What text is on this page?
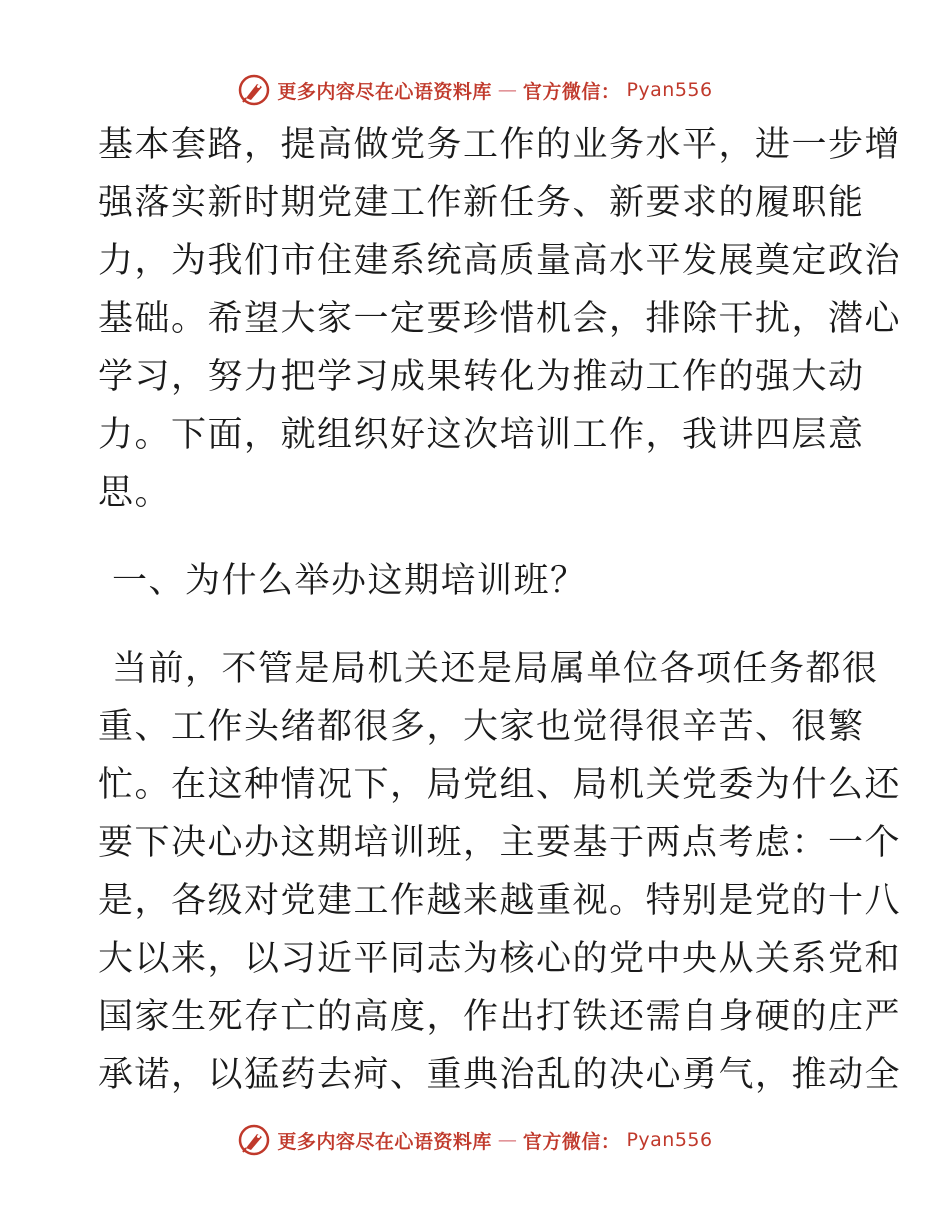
更多内容尽在心语资料库 — 官方微信： Pyan556
基本套路，提高做党务工作的业务水平，进一步增
强落实新时期党建工作新任务、新要求的履职能
力，为我们市住建系统高质量高水平发展奠定政治
基础。希望大家一定要珍惜机会，排除干扰，潜心
学习，努力把学习成果转化为推动工作的强大动
力。下面，就组织好这次培训工作，我讲四层意
思。
一、为什么举办这期培训班？
当前，不管是局机关还是局属单位各项任务都很
重、工作头绪都很多，大家也觉得很辛苦、很繁
忙。在这种情况下，局党组、局机关党委为什么还
要下决心办这期培训班，主要基于两点考虑：一个
是，各级对党建工作越来越重视。特别是党的十八
大以来，以习近平同志为核心的党中央从关系党和
国家生死存亡的高度，作出打铁还需自身硬的庄严
承诺，以猛药去疴、重典治乱的决心勇气，推动全
更多内容尽在心语资料库 — 官方微信： Pyan556
